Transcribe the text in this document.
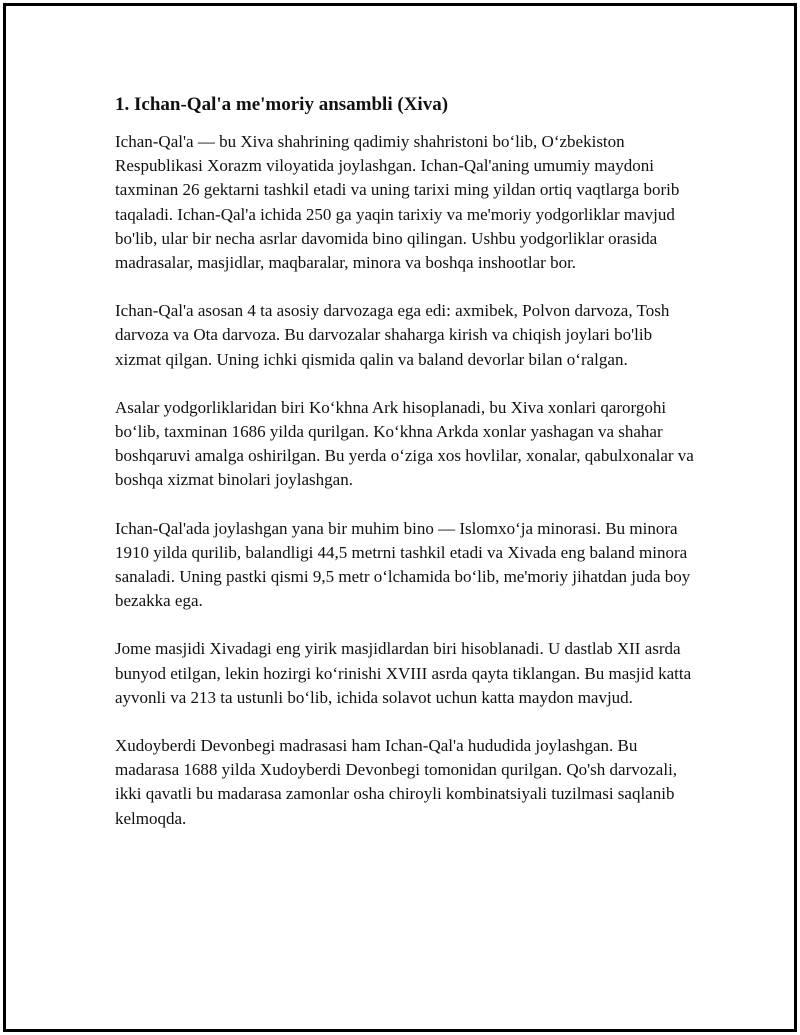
1. Ichan-Qal'a me'moriy ansambli (Xiva)

Ichan-Qal'a — bu Xiva shahrining qadimiy shahristoni bo‘lib, O‘zbekiston Respublikasi Xorazm viloyatida joylashgan. Ichan-Qal'aning umumiy maydoni taxminan 26 gektarni tashkil etadi va uning tarixi ming yildan ortiq vaqtlarga borib taqaladi. Ichan-Qal'a ichida 250 ga yaqin tarixiy va me'moriy yodgorliklar mavjud bo'lib, ular bir necha asrlar davomida bino qilingan. Ushbu yodgorliklar orasida madrasalar, masjidlar, maqbaralar, minora va boshqa inshootlar bor.

Ichan-Qal'a asosan 4 ta asosiy darvozaga ega edi: axmibek, Polvon darvoza, Tosh darvoza va Ota darvoza. Bu darvozalar shaharga kirish va chiqish joylari bo'lib xizmat qilgan. Uning ichki qismida qalin va baland devorlar bilan o‘ralgan.

Asalar yodgorliklaridan biri Ko‘khna Ark hisoplanadi, bu Xiva xonlari qarorgohi bo‘lib, taxminan 1686 yilda qurilgan. Ko‘khna Arkda xonlar yashagan va shahar boshqaruvi amalga oshirilgan. Bu yerda o‘ziga xos hovlilar, xonalar, qabulxonalar va boshqa xizmat binolari joylashgan.

Ichan-Qal'ada joylashgan yana bir muhim bino — Islomxo‘ja minorasi. Bu minora 1910 yilda qurilib, balandligi 44,5 metrni tashkil etadi va Xivada eng baland minora sanaladi. Uning pastki qismi 9,5 metr o‘lchamida bo‘lib, me'moriy jihatdan juda boy bezakka ega.

Jome masjidi Xivadagi eng yirik masjidlardan biri hisoblanadi. U dastlab XII asrda bunyod etilgan, lekin hozirgi ko‘rinishi XVIII asrda qayta tiklangan. Bu masjid katta ayvonli va 213 ta ustunli bo‘lib, ichida solavot uchun katta maydon mavjud.

Xudoyberdi Devonbegi madrasasi ham Ichan-Qal'a hududida joylashgan. Bu madarasa 1688 yilda Xudoyberdi Devonbegi tomonidan qurilgan. Qo'sh darvozali, ikki qavatli bu madarasa zamonlar osha chiroyli kombinatsiyali tuzilmasi saqlanib kelmoqda.
